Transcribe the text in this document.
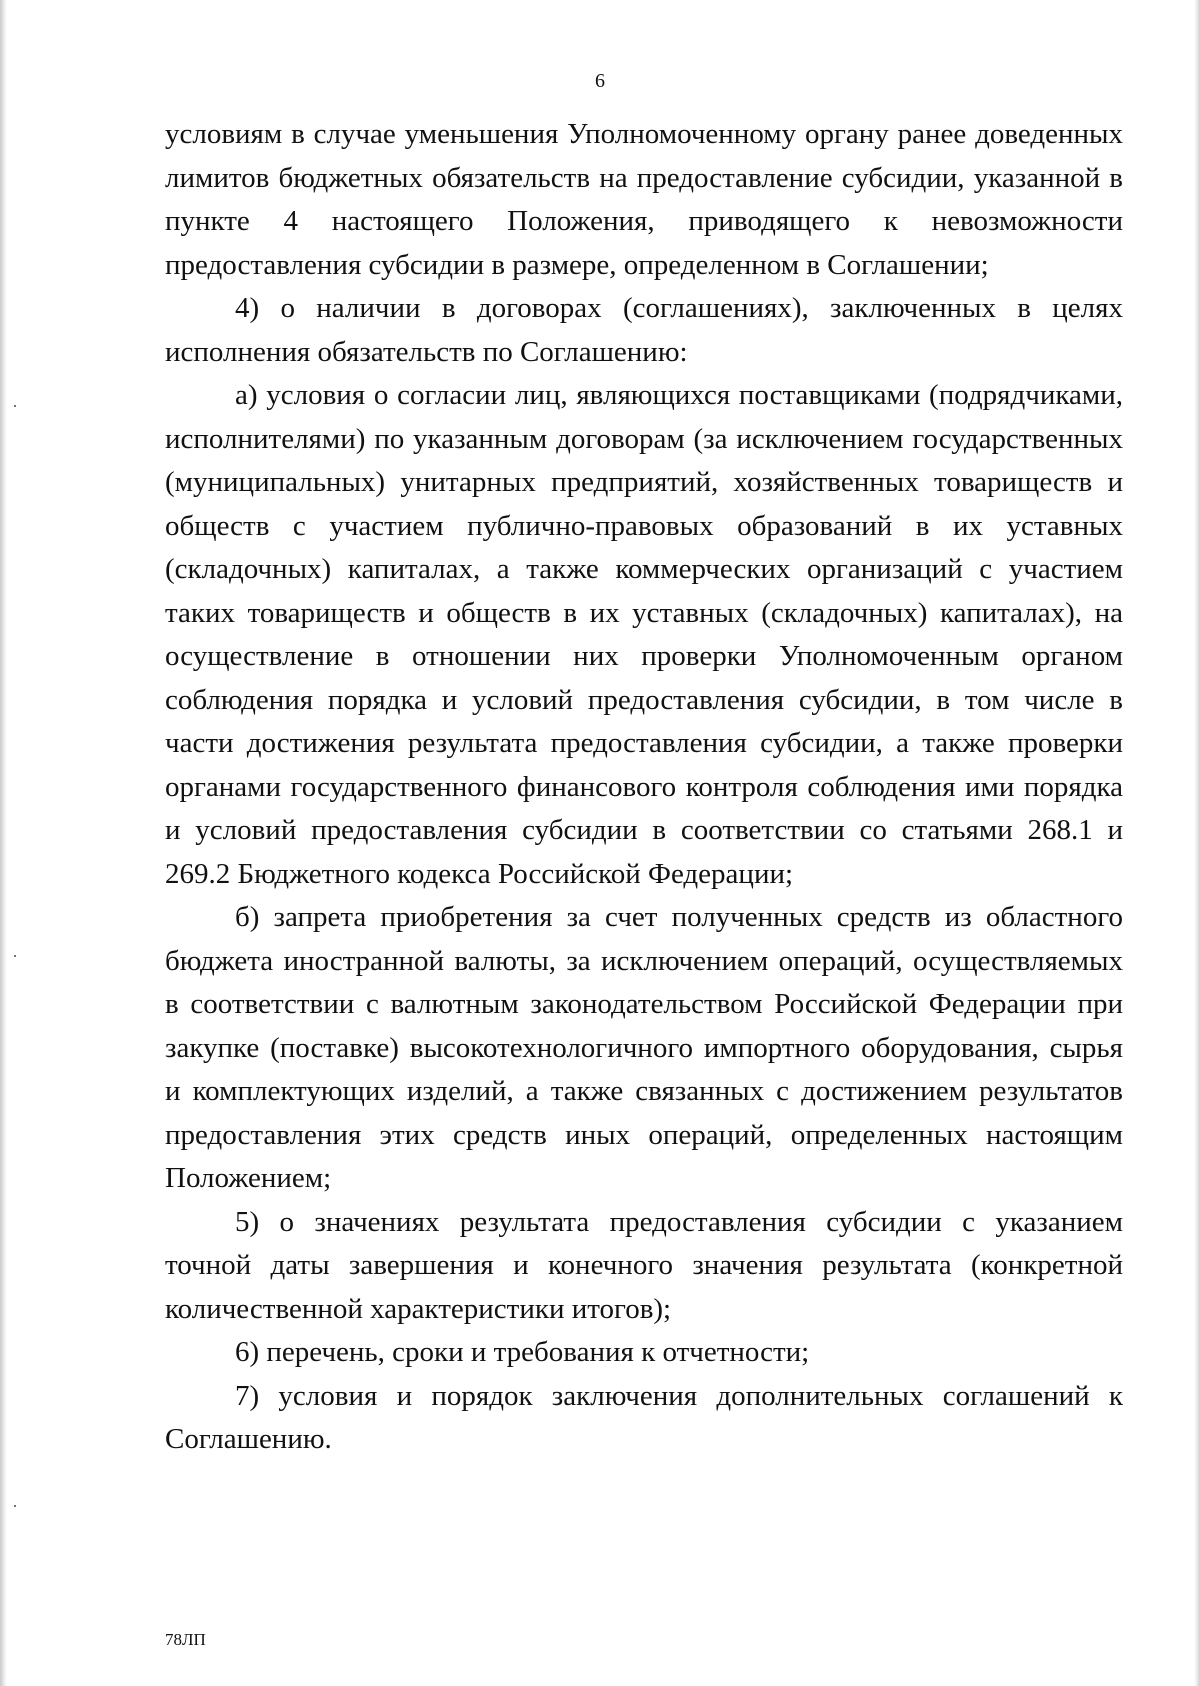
6

условиям в случае уменьшения Уполномоченному органу ранее доведенных лимитов бюджетных обязательств на предоставление субсидии, указанной в пункте 4 настоящего Положения, приводящего к невозможности предоставления субсидии в размере, определенном в Соглашении;

4) о наличии в договорах (соглашениях), заключенных в целях исполнения обязательств по Соглашению:

а) условия о согласии лиц, являющихся поставщиками (подрядчиками, исполнителями) по указанным договорам (за исключением государственных (муниципальных) унитарных предприятий, хозяйственных товариществ и обществ с участием публично-правовых образований в их уставных (складочных) капиталах, а также коммерческих организаций с участием таких товариществ и обществ в их уставных (складочных) капиталах), на осуществление в отношении них проверки Уполномоченным органом соблюдения порядка и условий предоставления субсидии, в том числе в части достижения результата предоставления субсидии, а также проверки органами государственного финансового контроля соблюдения ими порядка и условий предоставления субсидии в соответствии со статьями 268.1 и 269.2 Бюджетного кодекса Российской Федерации;

б) запрета приобретения за счет полученных средств из областного бюджета иностранной валюты, за исключением операций, осуществляемых в соответствии с валютным законодательством Российской Федерации при закупке (поставке) высокотехнологичного импортного оборудования, сырья и комплектующих изделий, а также связанных с достижением результатов предоставления этих средств иных операций, определенных настоящим Положением;

5) о значениях результата предоставления субсидии с указанием точной даты завершения и конечного значения результата (конкретной количественной характеристики итогов);

6) перечень, сроки и требования к отчетности;

7) условия и порядок заключения дополнительных соглашений к Соглашению.

78ЛП
